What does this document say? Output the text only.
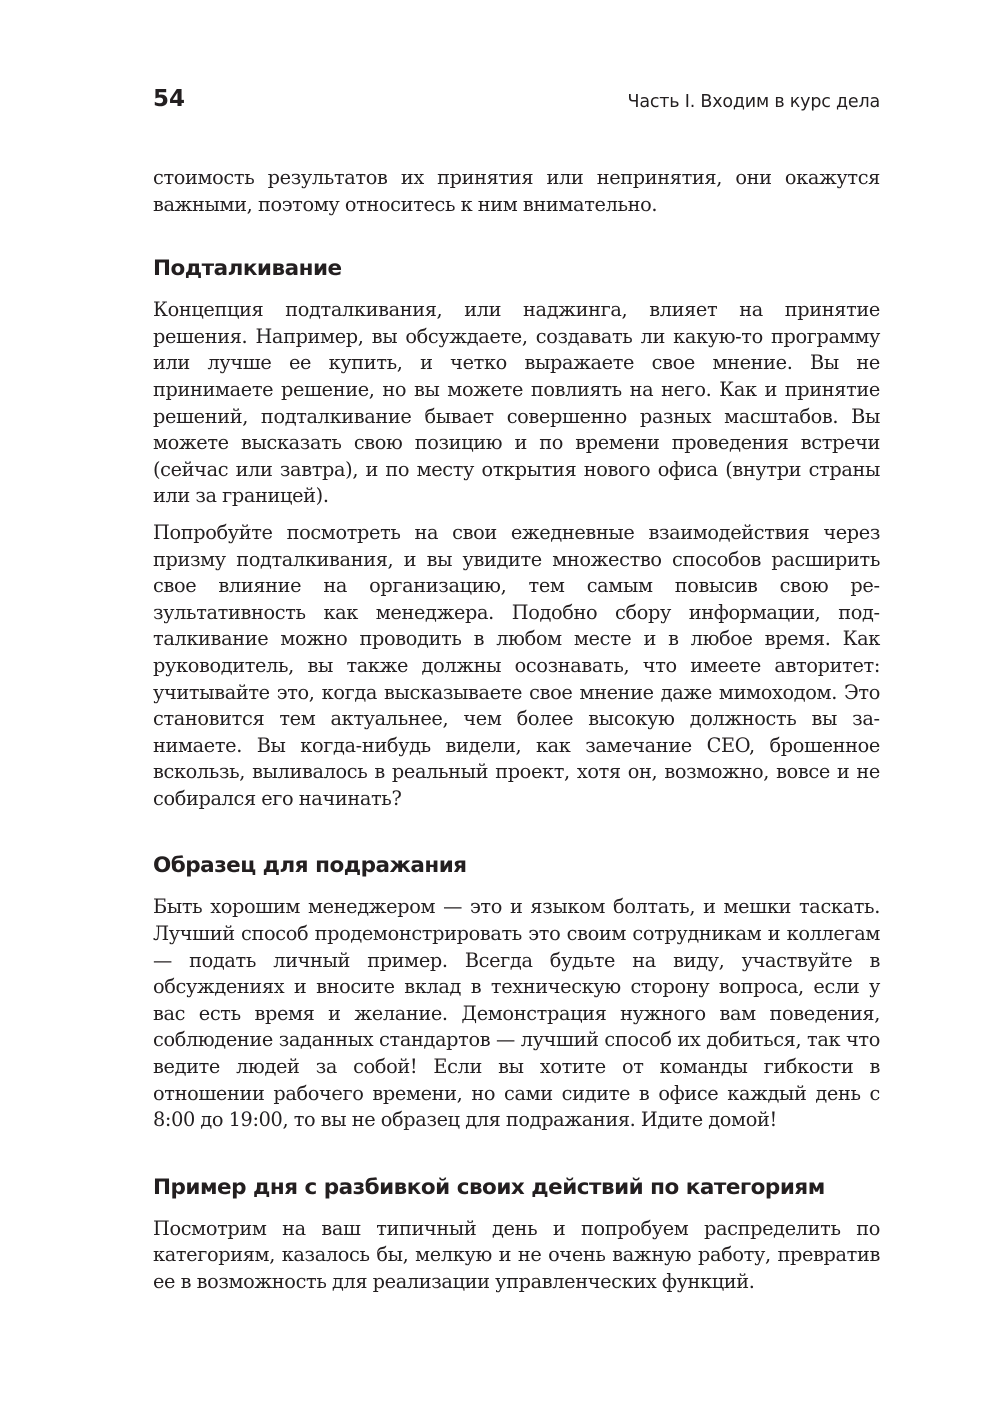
54	Часть I. Входим в курс дела

стоимость результатов их принятия или непринятия, они окажутся важными, поэтому относитесь к ним внимательно.

Подталкивание

Концепция подталкивания, или наджинга, влияет на принятие решения. Например, вы обсуждаете, создавать ли какую-то программу или лучше ее купить, и четко выражаете свое мнение. Вы не принимаете решение, но вы можете повлиять на него. Как и принятие решений, подталкивание бывает совершенно разных масштабов. Вы можете высказать свою позицию и по времени проведения встречи (сейчас или завтра), и по месту открытия нового офиса (внутри страны или за границей).

Попробуйте посмотреть на свои ежедневные взаимодействия через призму подталкивания, и вы увидите множество способов расширить свое влияние на организацию, тем самым повысив свою результативность как менеджера. Подобно сбору информации, подталкивание можно проводить в любом месте и в любое время. Как руководитель, вы также должны осознавать, что имеете авторитет: учитывайте это, когда высказываете свое мнение даже мимоходом. Это становится тем актуальнее, чем более высокую должность вы занимаете. Вы когда-нибудь видели, как замечание CEO, брошенное вскользь, выливалось в реальный проект, хотя он, возможно, вовсе и не собирался его начинать?

Образец для подражания

Быть хорошим менеджером — это и языком болтать, и мешки таскать. Лучший способ продемонстрировать это своим сотрудникам и коллегам — подать личный пример. Всегда будьте на виду, участвуйте в обсуждениях и вносите вклад в техническую сторону вопроса, если у вас есть время и желание. Демонстрация нужного вам поведения, соблюдение заданных стандартов — лучший способ их добиться, так что ведите людей за собой! Если вы хотите от команды гибкости в отношении рабочего времени, но сами сидите в офисе каждый день с 8:00 до 19:00, то вы не образец для подражания. Идите домой!

Пример дня с разбивкой своих действий по категориям

Посмотрим на ваш типичный день и попробуем распределить по категориям, казалось бы, мелкую и не очень важную работу, превратив ее в возможность для реализации управленческих функций.
